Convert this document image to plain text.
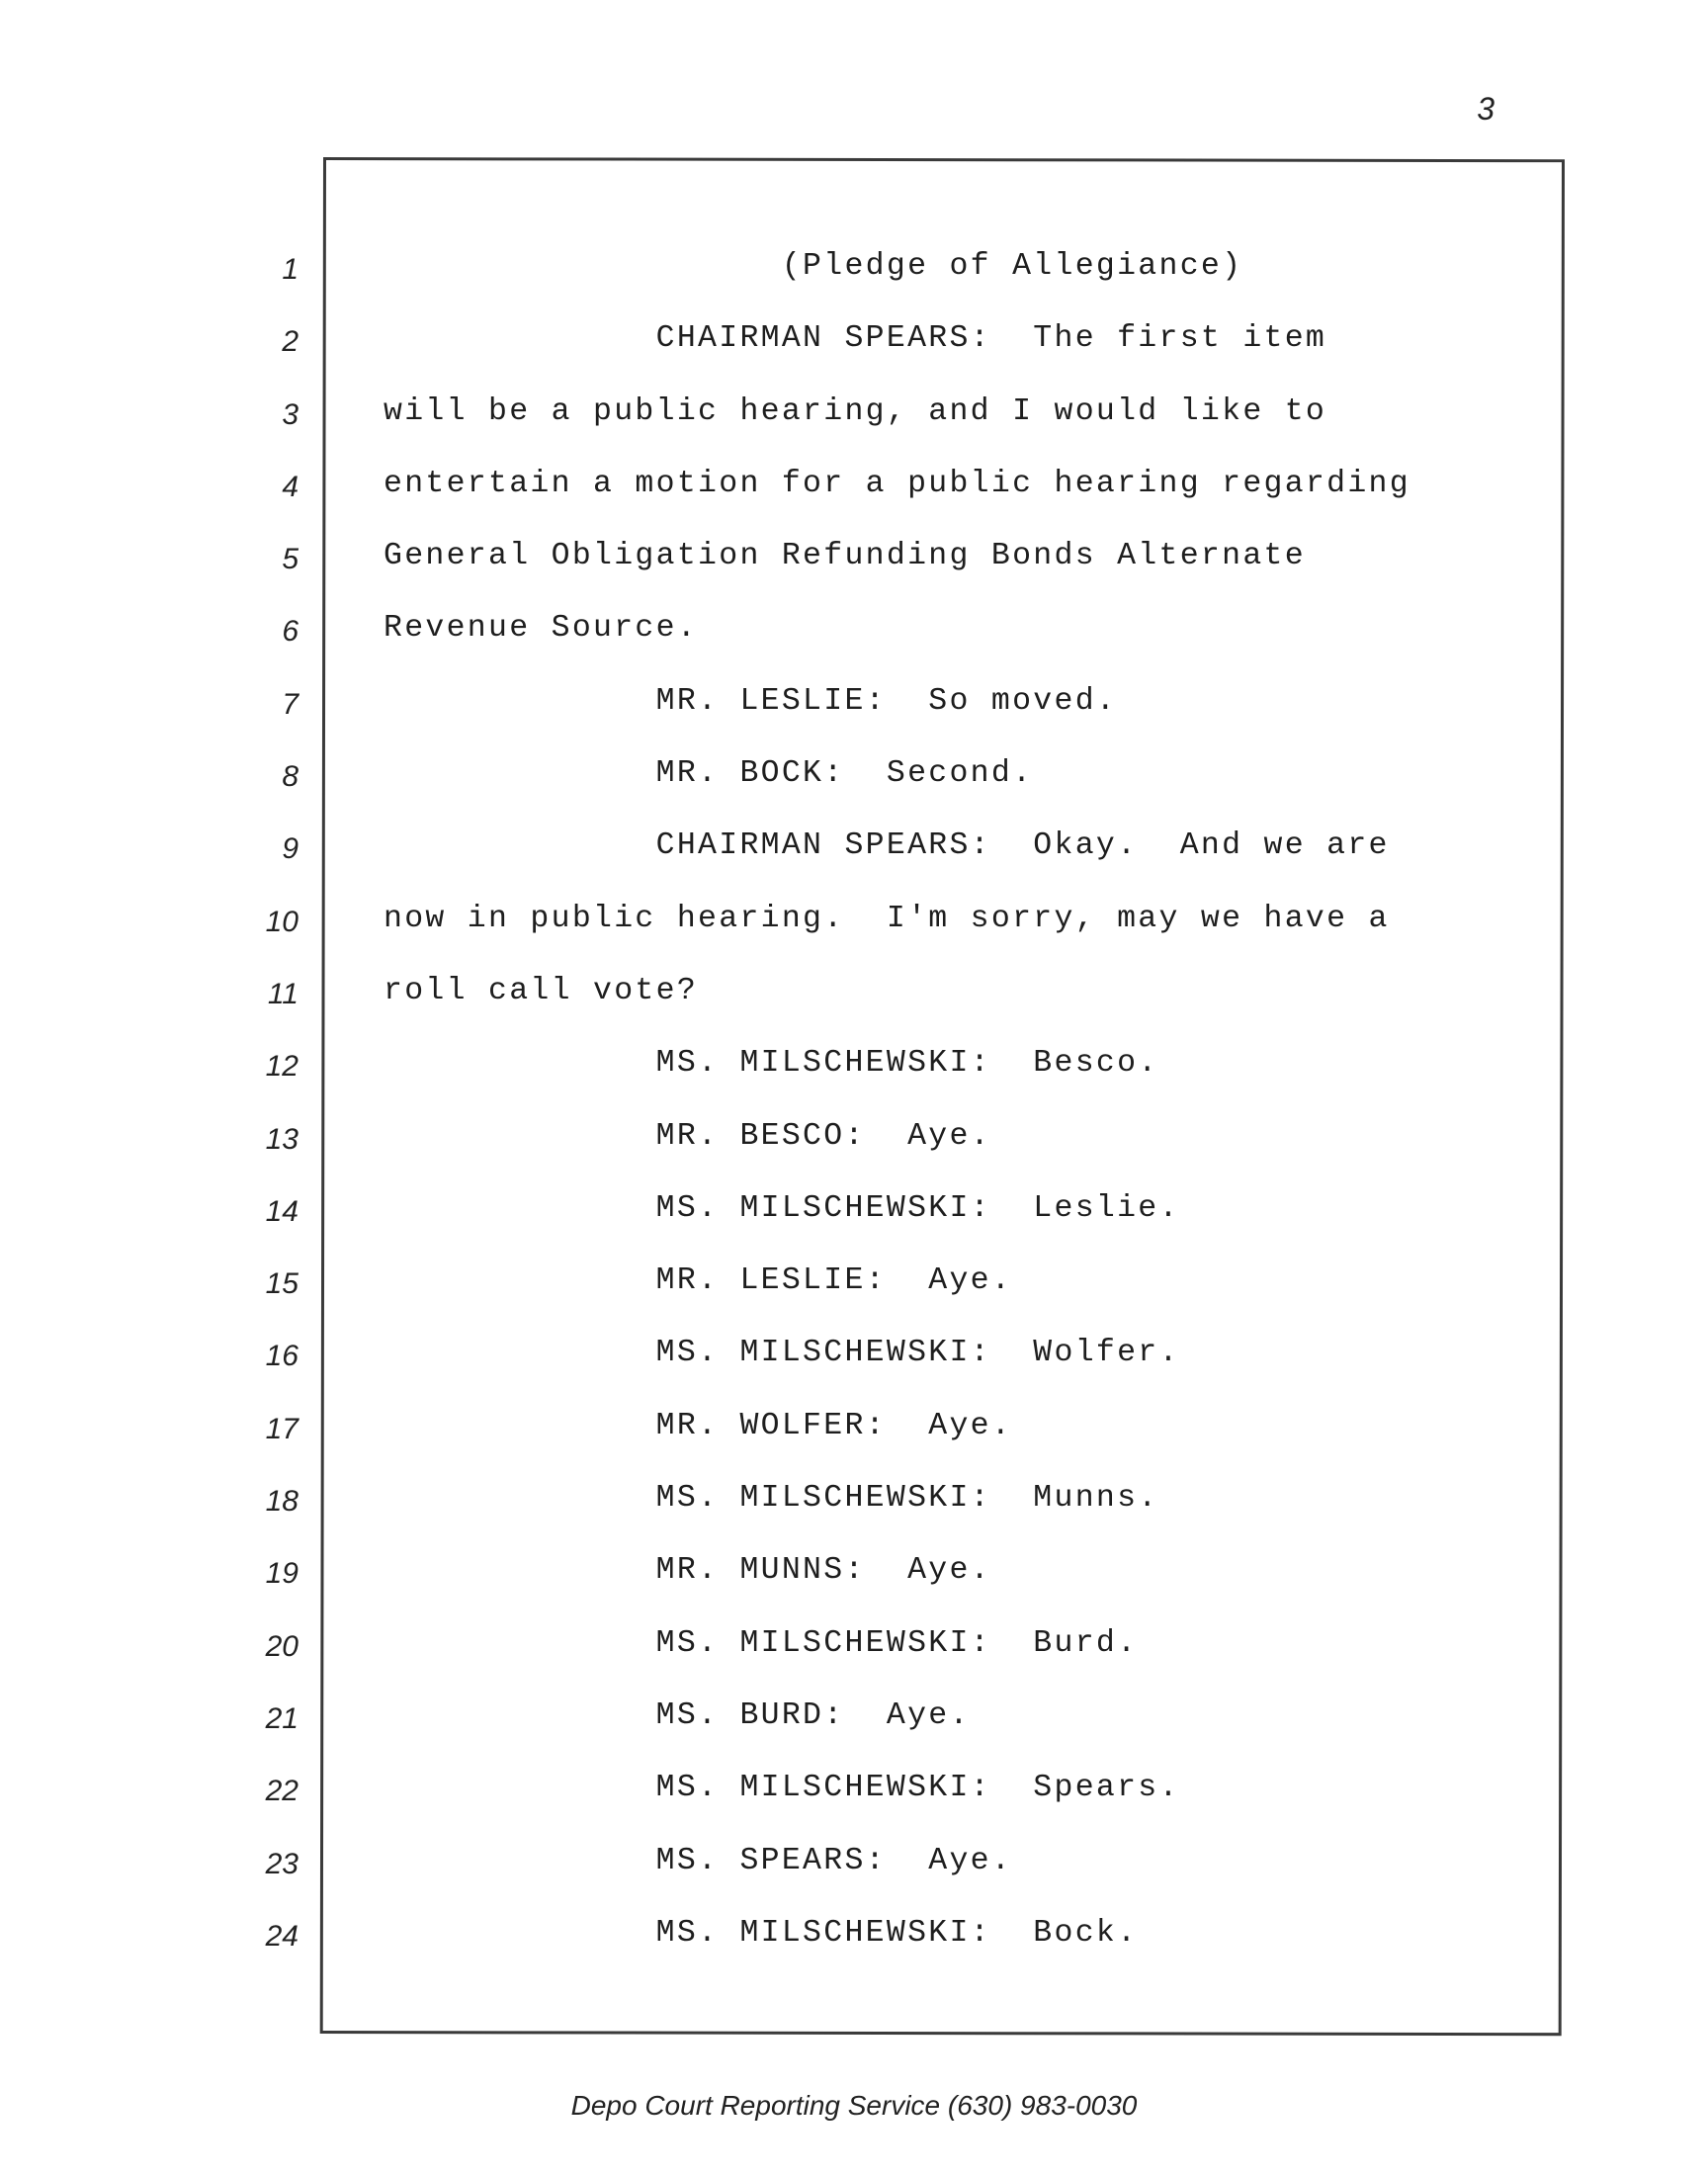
3
1	(Pledge of Allegiance)
2	CHAIRMAN SPEARS:  The first item
3	will be a public hearing, and I would like to
4	entertain a motion for a public hearing regarding
5	General Obligation Refunding Bonds Alternate
6	Revenue Source.
7	MR. LESLIE:  So moved.
8	MR. BOCK:  Second.
9	CHAIRMAN SPEARS:  Okay.  And we are
10	now in public hearing.  I'm sorry, may we have a
11	roll call vote?
12	MS. MILSCHEWSKI:  Besco.
13	MR. BESCO:  Aye.
14	MS. MILSCHEWSKI:  Leslie.
15	MR. LESLIE:  Aye.
16	MS. MILSCHEWSKI:  Wolfer.
17	MR. WOLFER:  Aye.
18	MS. MILSCHEWSKI:  Munns.
19	MR. MUNNS:  Aye.
20	MS. MILSCHEWSKI:  Burd.
21	MS. BURD:  Aye.
22	MS. MILSCHEWSKI:  Spears.
23	MS. SPEARS:  Aye.
24	MS. MILSCHEWSKI:  Bock.
Depo Court Reporting Service (630) 983-0030
